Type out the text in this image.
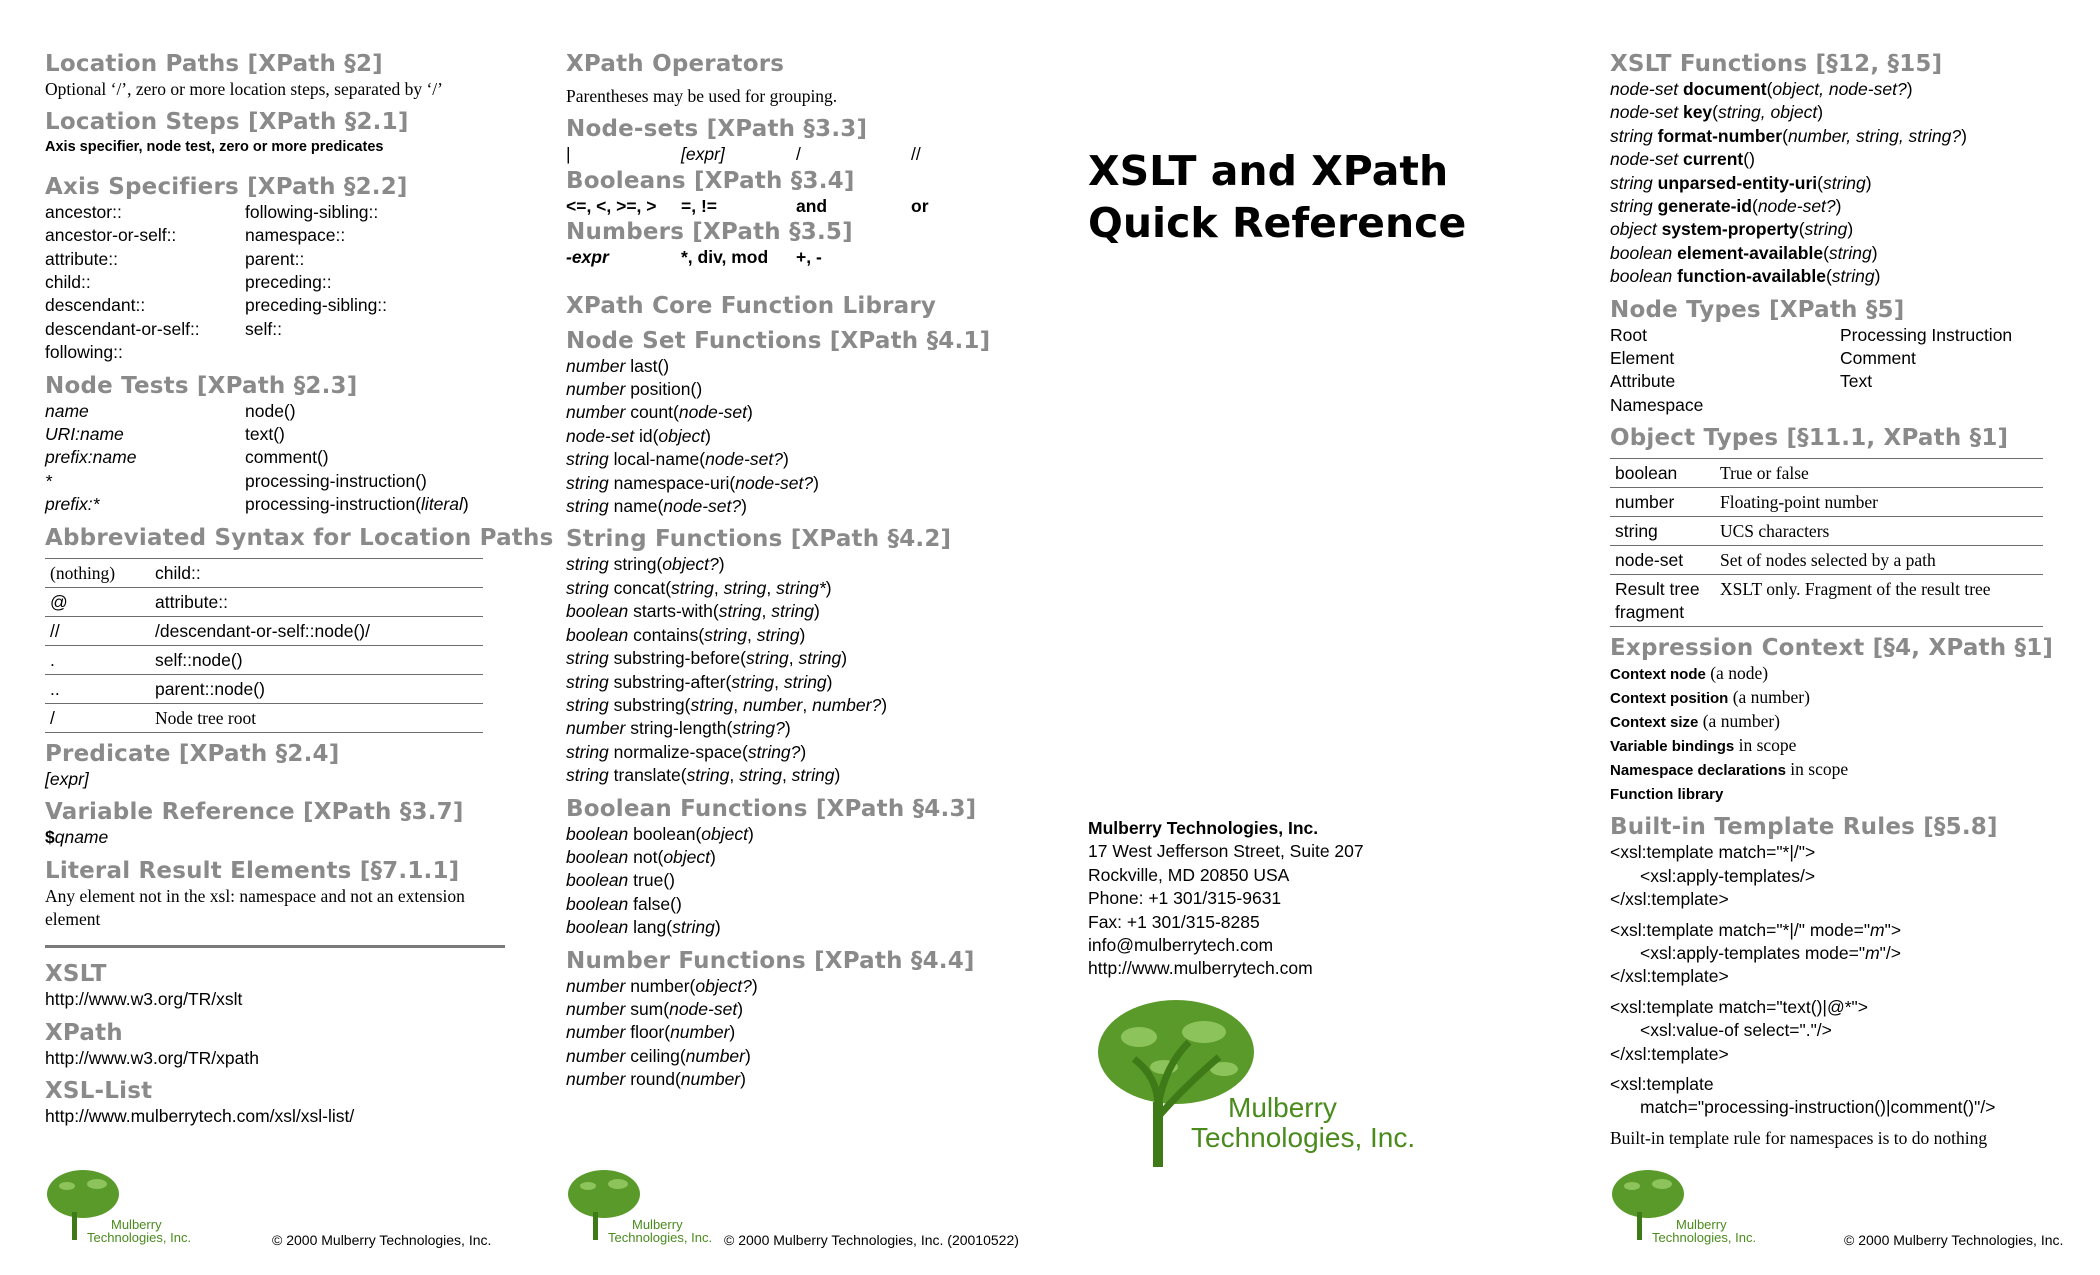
Location Paths [XPath §2]
Optional ‘/’, zero or more location steps, separated by ‘/’
Location Steps [XPath §2.1]
Axis specifier, node test, zero or more predicates
Axis Specifiers [XPath §2.2]
ancestor::	following-sibling::
ancestor-or-self::	namespace::
attribute::	parent::
child::	preceding::
descendant::	preceding-sibling::
descendant-or-self::	self::
following::
Node Tests [XPath §2.3]
name	node()
URI:name	text()
prefix:name	comment()
*	processing-instruction()
prefix:*	processing-instruction(literal)
Abbreviated Syntax for Location Paths
(nothing)	child::
@	attribute::
//	/descendant-or-self::node()/
.	self::node()
..	parent::node()
/	Node tree root
Predicate [XPath §2.4]
[expr]
Variable Reference [XPath §3.7]
$qname
Literal Result Elements [§7.1.1]
Any element not in the xsl: namespace and not an extension
element
XSLT
http://www.w3.org/TR/xslt
XPath
http://www.w3.org/TR/xpath
XSL-List
http://www.mulberrytech.com/xsl/xsl-list/
XPath Operators
Parentheses may be used for grouping.
Node-sets [XPath §3.3]
|	[expr]	/	//
Booleans [XPath §3.4]
<=, <, >=, >	=, !=	and	or
Numbers [XPath §3.5]
-expr	*, div, mod	+, -
XPath Core Function Library
Node Set Functions [XPath §4.1]
number last()
number position()
number count(node-set)
node-set id(object)
string local-name(node-set?)
string namespace-uri(node-set?)
string name(node-set?)
String Functions [XPath §4.2]
string string(object?)
string concat(string, string, string*)
boolean starts-with(string, string)
boolean contains(string, string)
string substring-before(string, string)
string substring-after(string, string)
string substring(string, number, number?)
number string-length(string?)
string normalize-space(string?)
string translate(string, string, string)
Boolean Functions [XPath §4.3]
boolean boolean(object)
boolean not(object)
boolean true()
boolean false()
boolean lang(string)
Number Functions [XPath §4.4]
number number(object?)
number sum(node-set)
number floor(number)
number ceiling(number)
number round(number)
XSLT and XPath
Quick Reference
Mulberry Technologies, Inc.
17 West Jefferson Street, Suite 207
Rockville, MD 20850 USA
Phone: +1 301/315-9631
Fax: +1 301/315-8285
info@mulberrytech.com
http://www.mulberrytech.com
Mulberry
Technologies, Inc.
XSLT Functions [§12, §15]
node-set document(object, node-set?)
node-set key(string, object)
string format-number(number, string, string?)
node-set current()
string unparsed-entity-uri(string)
string generate-id(node-set?)
object system-property(string)
boolean element-available(string)
boolean function-available(string)
Node Types [XPath §5]
Root	Processing Instruction
Element	Comment
Attribute	Text
Namespace
Object Types [§11.1, XPath §1]
boolean	True or false
number	Floating-point number
string	UCS characters
node-set	Set of nodes selected by a path
Result tree fragment	XSLT only. Fragment of the result tree
Expression Context [§4, XPath §1]
Context node (a node)
Context position (a number)
Context size (a number)
Variable bindings in scope
Namespace declarations in scope
Function library
Built-in Template Rules [§5.8]
<xsl:template match="*|/">
<xsl:apply-templates/>
</xsl:template>
<xsl:template match="*|/" mode="m">
<xsl:apply-templates mode="m"/>
</xsl:template>
<xsl:template match="text()|@*">
<xsl:value-of select="."/>
</xsl:template>
<xsl:template
match="processing-instruction()|comment()"/>
Built-in template rule for namespaces is to do nothing
Mulberry
Technologies, Inc.	© 2000 Mulberry Technologies, Inc.
Mulberry
Technologies, Inc. © 2000 Mulberry Technologies, Inc. (20010522)
Mulberry
Technologies, Inc.	© 2000 Mulberry Technologies, Inc.
